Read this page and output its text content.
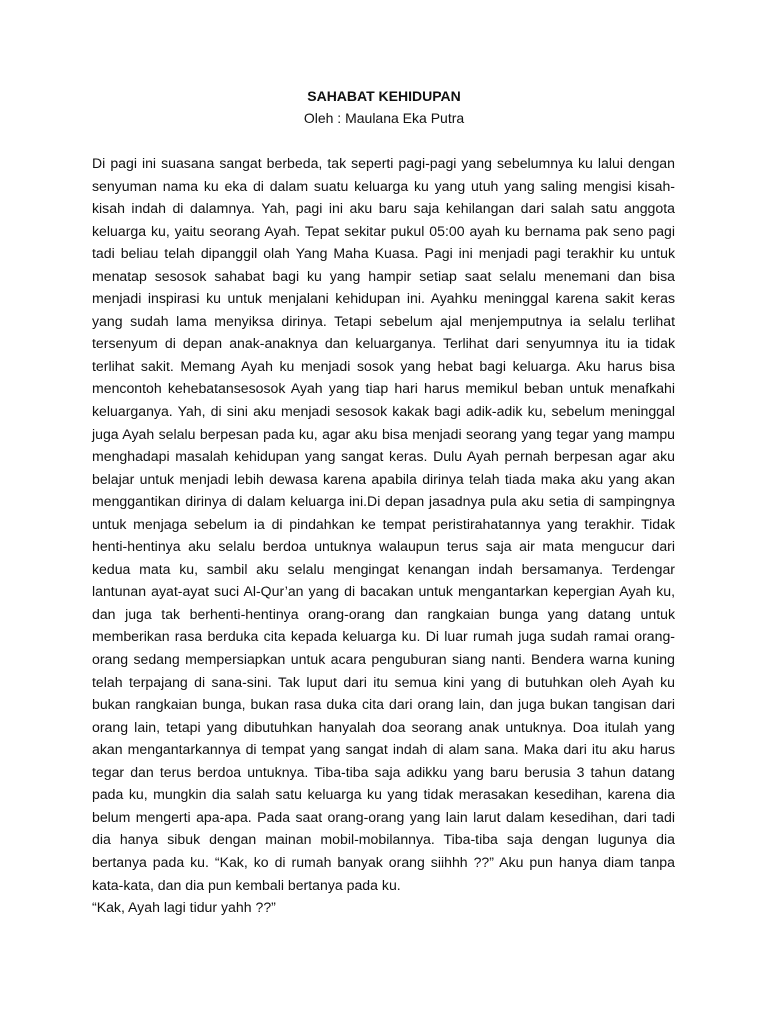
SAHABAT KEHIDUPAN
Oleh : Maulana Eka Putra
Di pagi ini suasana sangat berbeda, tak seperti pagi-pagi yang sebelumnya ku lalui dengan
senyuman nama ku eka di dalam suatu keluarga ku yang utuh yang saling mengisi kisah-
kisah indah di dalamnya. Yah, pagi ini aku baru saja kehilangan dari salah satu anggota
keluarga ku, yaitu seorang Ayah. Tepat sekitar pukul 05:00 ayah ku bernama pak seno pagi
tadi beliau telah dipanggil olah Yang Maha Kuasa. Pagi ini menjadi pagi terakhir ku untuk
menatap sesosok sahabat bagi ku yang hampir setiap saat selalu menemani dan bisa
menjadi inspirasi ku untuk menjalani kehidupan ini. Ayahku meninggal karena sakit keras
yang sudah lama menyiksa dirinya. Tetapi sebelum ajal menjemputnya ia selalu terlihat
tersenyum di depan anak-anaknya dan keluarganya. Terlihat dari senyumnya itu ia tidak
terlihat sakit. Memang Ayah ku menjadi sosok yang hebat bagi keluarga. Aku harus bisa
mencontoh kehebatansesosok Ayah yang tiap hari harus memikul beban untuk menafkahi
keluarganya. Yah, di sini aku menjadi sesosok kakak bagi adik-adik ku, sebelum meninggal
juga Ayah selalu berpesan pada ku, agar aku bisa menjadi seorang yang tegar yang mampu
menghadapi masalah kehidupan yang sangat keras. Dulu Ayah pernah berpesan agar aku
belajar untuk menjadi lebih dewasa karena apabila dirinya telah tiada maka aku yang akan
menggantikan dirinya di dalam keluarga ini.Di depan jasadnya pula aku setia di sampingnya
untuk menjaga sebelum ia di pindahkan ke tempat peristirahatannya yang terakhir. Tidak
henti-hentinya aku selalu berdoa untuknya walaupun terus saja air mata mengucur dari
kedua mata ku, sambil aku selalu mengingat kenangan indah bersamanya. Terdengar
lantunan ayat-ayat suci Al-Qur’an yang di bacakan untuk mengantarkan kepergian Ayah ku,
dan juga tak berhenti-hentinya orang-orang dan rangkaian bunga yang datang untuk
memberikan rasa berduka cita kepada keluarga ku. Di luar rumah juga sudah ramai orang-
orang sedang mempersiapkan untuk acara penguburan siang nanti. Bendera warna kuning
telah terpajang di sana-sini. Tak luput dari itu semua kini yang di butuhkan oleh Ayah ku
bukan rangkaian bunga, bukan rasa duka cita dari orang lain, dan juga bukan tangisan dari
orang lain, tetapi yang dibutuhkan hanyalah doa seorang anak untuknya. Doa itulah yang
akan mengantarkannya di tempat yang sangat indah di alam sana. Maka dari itu aku harus
tegar dan terus berdoa untuknya. Tiba-tiba saja adikku yang baru berusia 3 tahun datang
pada ku, mungkin dia salah satu keluarga ku yang tidak merasakan kesedihan, karena dia
belum mengerti apa-apa. Pada saat orang-orang yang lain larut dalam kesedihan, dari tadi
dia hanya sibuk dengan mainan mobil-mobilannya. Tiba-tiba saja dengan lugunya dia
bertanya pada ku. “Kak, ko di rumah banyak orang siihhh ??” Aku pun hanya diam tanpa
kata-kata, dan dia pun kembali bertanya pada ku.
“Kak, Ayah lagi tidur yahh ??”
